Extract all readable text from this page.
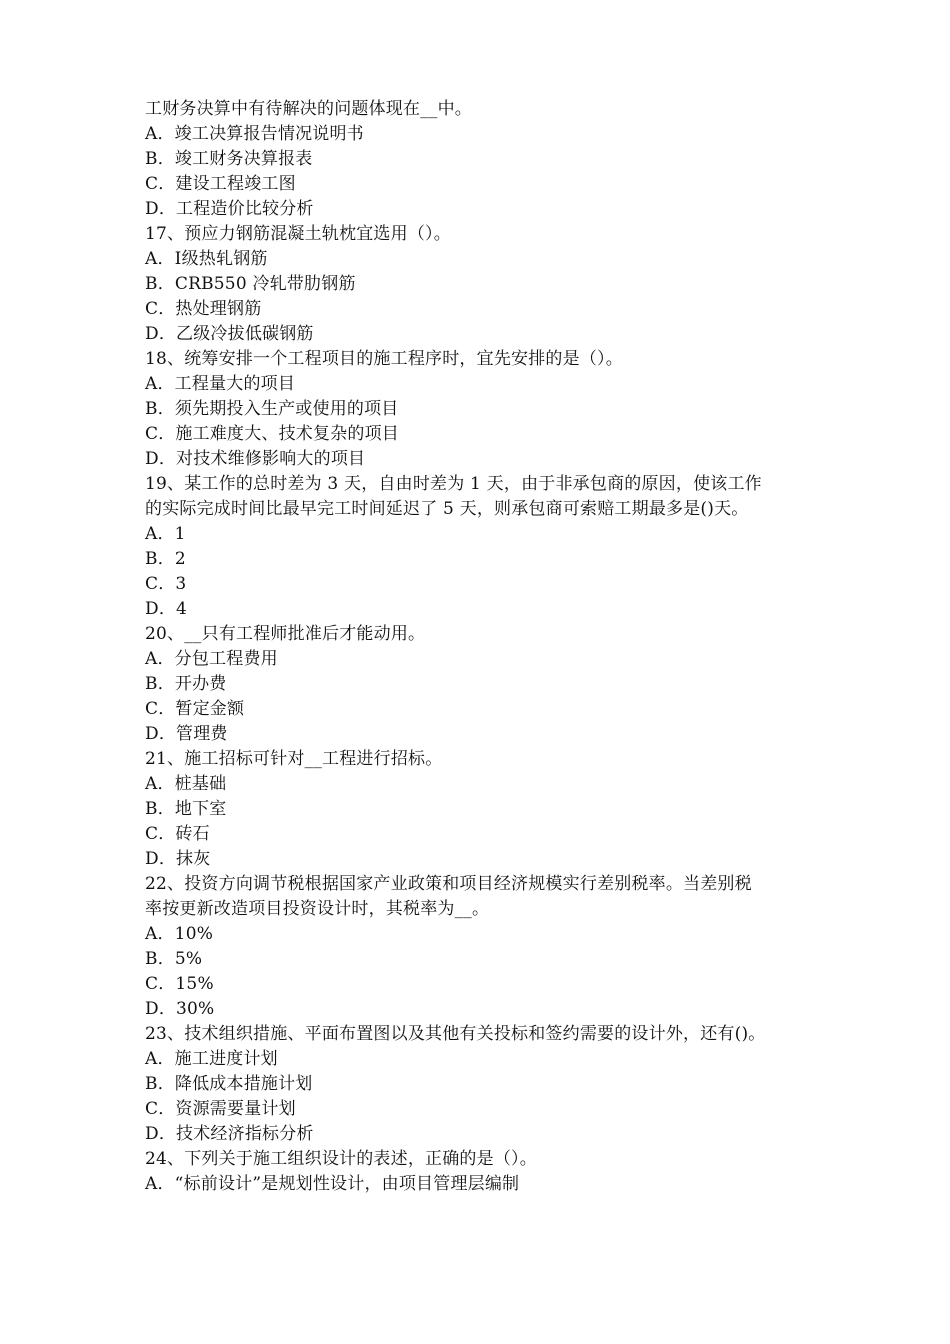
工财务决算中有待解决的问题体现在__中。
A．竣工决算报告情况说明书
B．竣工财务决算报表
C．建设工程竣工图
D．工程造价比较分析
17、预应力钢筋混凝土轨枕宜选用（）。
A．Ⅰ级热轧钢筋
B．CRB550 冷轧带肋钢筋
C．热处理钢筋
D．乙级冷拔低碳钢筋
18、统筹安排一个工程项目的施工程序时，宜先安排的是（）。
A．工程量大的项目
B．须先期投入生产或使用的项目
C．施工难度大、技术复杂的项目
D．对技术维修影响大的项目
19、某工作的总时差为 3 天，自由时差为 1 天，由于非承包商的原因，使该工作
的实际完成时间比最早完工时间延迟了 5 天，则承包商可索赔工期最多是()天。
A．1
B．2
C．3
D．4
20、__只有工程师批准后才能动用。
A．分包工程费用
B．开办费
C．暂定金额
D．管理费
21、施工招标可针对__工程进行招标。
A．桩基础
B．地下室
C．砖石
D．抹灰
22、投资方向调节税根据国家产业政策和项目经济规模实行差别税率。当差别税
率按更新改造项目投资设计时，其税率为__。
A．10%
B．5%
C．15%
D．30%
23、技术组织措施、平面布置图以及其他有关投标和签约需要的设计外，还有()。
A．施工进度计划
B．降低成本措施计划
C．资源需要量计划
D．技术经济指标分析
24、下列关于施工组织设计的表述，正确的是（）。
A．“标前设计”是规划性设计，由项目管理层编制
